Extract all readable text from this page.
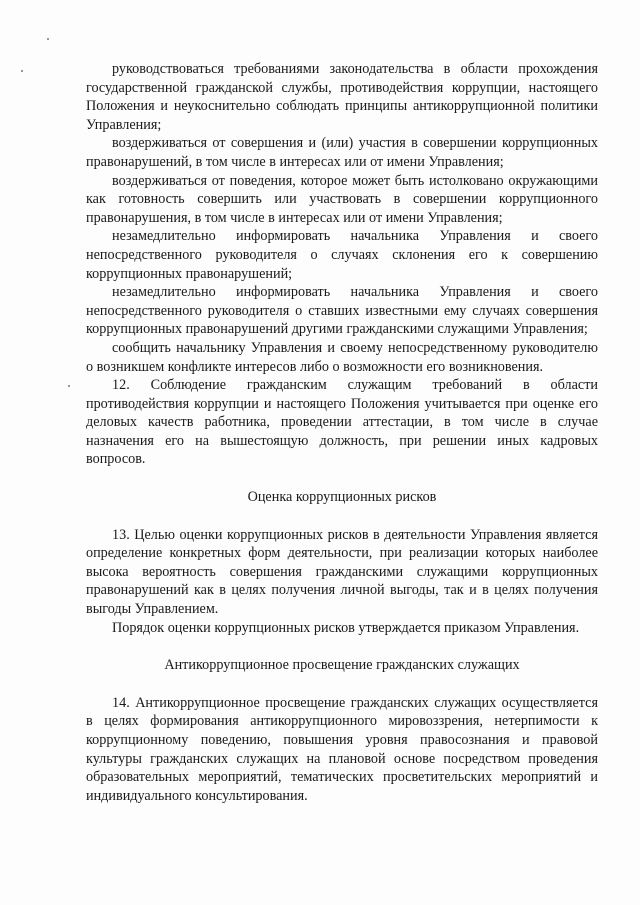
руководствоваться требованиями законодательства в области прохождения государственной гражданской службы, противодействия коррупции, настоящего Положения и неукоснительно соблюдать принципы антикоррупционной политики Управления;

воздерживаться от совершения и (или) участия в совершении коррупционных правонарушений, в том числе в интересах или от имени Управления;

воздерживаться от поведения, которое может быть истолковано окружающими как готовность совершить или участвовать в совершении коррупционного правонарушения, в том числе в интересах или от имени Управления;

незамедлительно информировать начальника Управления и своего непосредственного руководителя о случаях склонения его к совершению коррупционных правонарушений;

незамедлительно информировать начальника Управления и своего непосредственного руководителя о ставших известными ему случаях совершения коррупционных правонарушений другими гражданскими служащими Управления;

сообщить начальнику Управления и своему непосредственному руководителю о возникшем конфликте интересов либо о возможности его возникновения.

12. Соблюдение гражданским служащим требований в области противодействия коррупции и настоящего Положения учитывается при оценке его деловых качеств работника, проведении аттестации, в том числе в случае назначения его на вышестоящую должность, при решении иных кадровых вопросов.

Оценка коррупционных рисков

13. Целью оценки коррупционных рисков в деятельности Управления является определение конкретных форм деятельности, при реализации которых наиболее высока вероятность совершения гражданскими служащими коррупционных правонарушений как в целях получения личной выгоды, так и в целях получения выгоды Управлением.

Порядок оценки коррупционных рисков утверждается приказом Управления.

Антикоррупционное просвещение гражданских служащих

14. Антикоррупционное просвещение гражданских служащих осуществляется в целях формирования антикоррупционного мировоззрения, нетерпимости к коррупционному поведению, повышения уровня правосознания и правовой культуры гражданских служащих на плановой основе посредством проведения образовательных мероприятий, тематических просветительских мероприятий и индивидуального консультирования.
